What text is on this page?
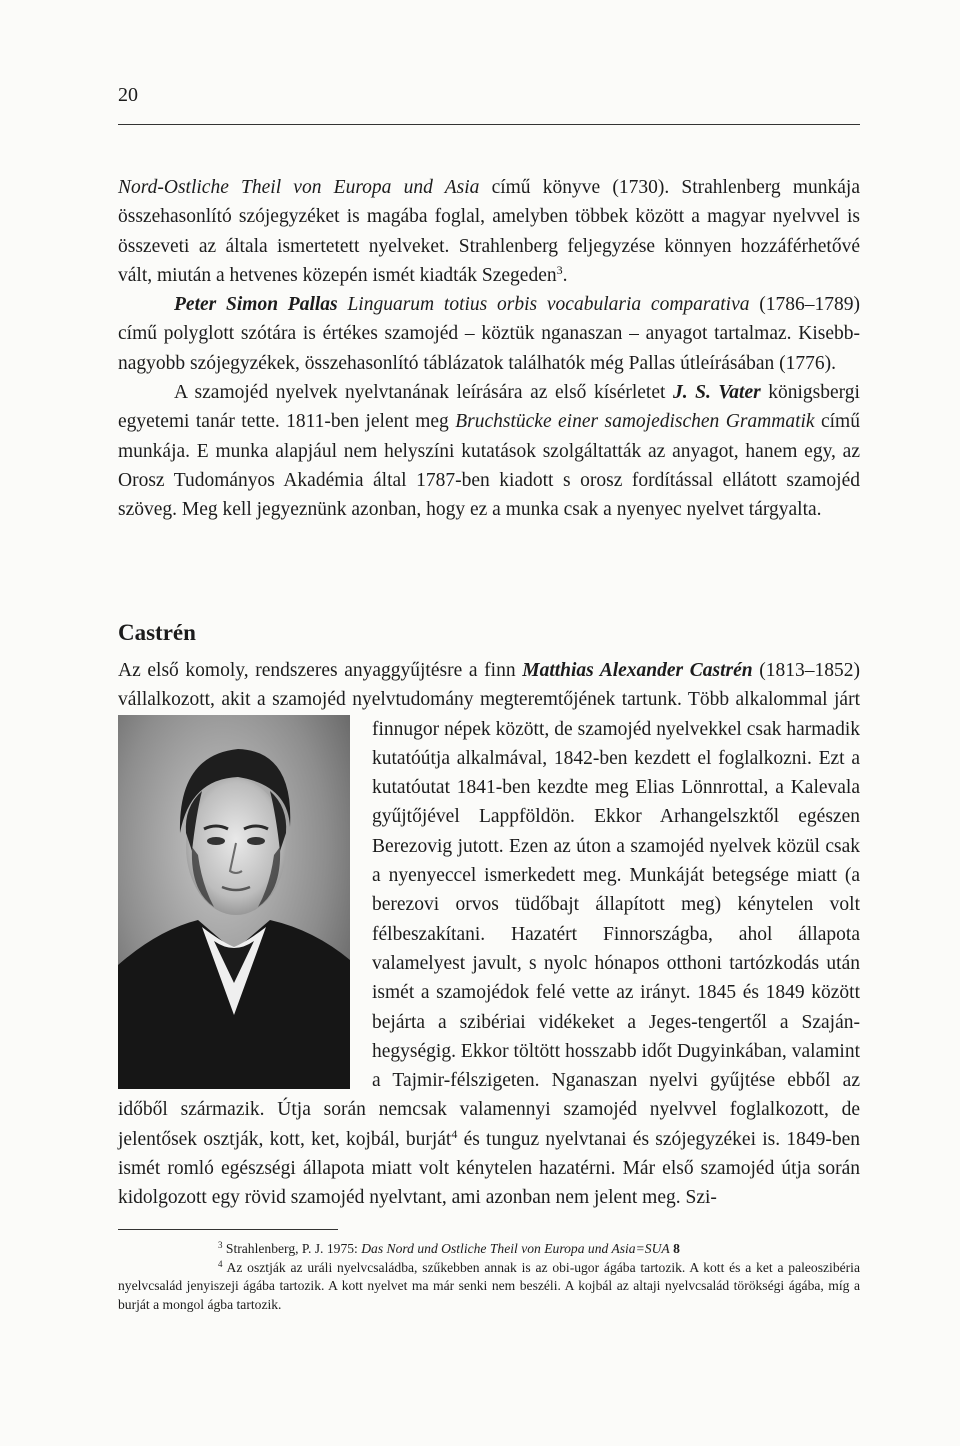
20

Nord-Ostliche Theil von Europa und Asia című könyve (1730). Strahlenberg munkája összehasonlító szójegyzéket is magába foglal, amelyben többek között a magyar nyelvvel is összeveti az általa ismertetett nyelveket. Strahlenberg feljegyzése könnyen hozzáférhetővé vált, miután a hetvenes közepén ismét kiadták Szegeden$^3$.

Peter Simon Pallas Linguarum totius orbis vocabularia comparativa (1786–1789) című polyglott szótára is értékes szamojéd – köztük nganaszan – anyagot tartalmaz. Kisebb-nagyobb szójegyzékek, összehasonlító táblázatok találhatók még Pallas útleírásában (1776).

A szamojéd nyelvek nyelvtanának leírására az első kísérletet J. S. Vater königsbergi egyetemi tanár tette. 1811-ben jelent meg Bruchstücke einer samojedischen Grammatik című munkája. E munka alapjául nem helyszíni kutatások szolgáltatták az anyagot, hanem egy, az Orosz Tudományos Akadémia által 1787-ben kiadott s orosz fordítással ellátott szamojéd szöveg. Meg kell jegyeznünk azonban, hogy ez a munka csak a nyenyec nyelvet tárgyalta.

Castrén

Az első komoly, rendszeres anyaggyűjtésre a finn Matthias Alexander Castrén (1813–1852) vállalkozott, akit a szamojéd nyelvtudomány megteremtőjének tartunk. Több
alkalommal járt finnugor népek között, de szamojéd nyelvekkel csak harmadik kutatóútja alkalmával, 1842-ben kezdett el foglalkozni. Ezt a kutatóutat 1841-ben kezdte meg Elias Lönnrottal, a Kalevala gyűjtőjével Lappföldön. Ekkor Arhangelszktől egészen Berezovig jutott. Ezen az úton a szamojéd nyelvek közül csak a nyenyeccel ismerkedett meg. Munkáját betegsége miatt (a berezovi orvos tüdőbajt állapított meg) kénytelen volt félbeszakítani. Hazatért Finnországba, ahol állapota valamelyest javult, s nyolc hónapos otthoni tartózkodás után ismét a szamojédok felé vette az irányt. 1845 és 1849 között bejárta a szibériai vidékeket a Jeges-tengertől a Szaján-hegységig. Ekkor töltött hosszabb időt Dugyinkában, valamint a Tajmir-félszigeten. Nganaszan nyelvi gyűjtése ebből az időből származik. Útja során nemcsak valamennyi szamojéd nyelvvel foglalkozott, de jelentősek osztják, kott, ket, kojbál, burját$^4$ és tunguz nyelvtanai és szójegyzékei is. 1849-ben ismét romló egészségi állapota miatt volt kénytelen hazatérni. Már első szamojéd útja során kidolgozott egy rövid szamojéd nyelvtant, ami azonban nem jelent meg. Szi-

$^3$ Strahlenberg, P. J. 1975: Das Nord und Ostliche Theil von Europa und Asia=SUA 8

$^4$ Az osztják az uráli nyelvcsaládba, szűkebben annak is az obi-ugor ágába tartozik. A kott és a ket a paleoszibéria nyelvcsalád jenyiszeji ágába tartozik. A kott nyelvet ma már senki nem beszéli. A kojbál az altaji nyelvcsalád törökségi ágába, míg a burját a mongol ágba tartozik.
